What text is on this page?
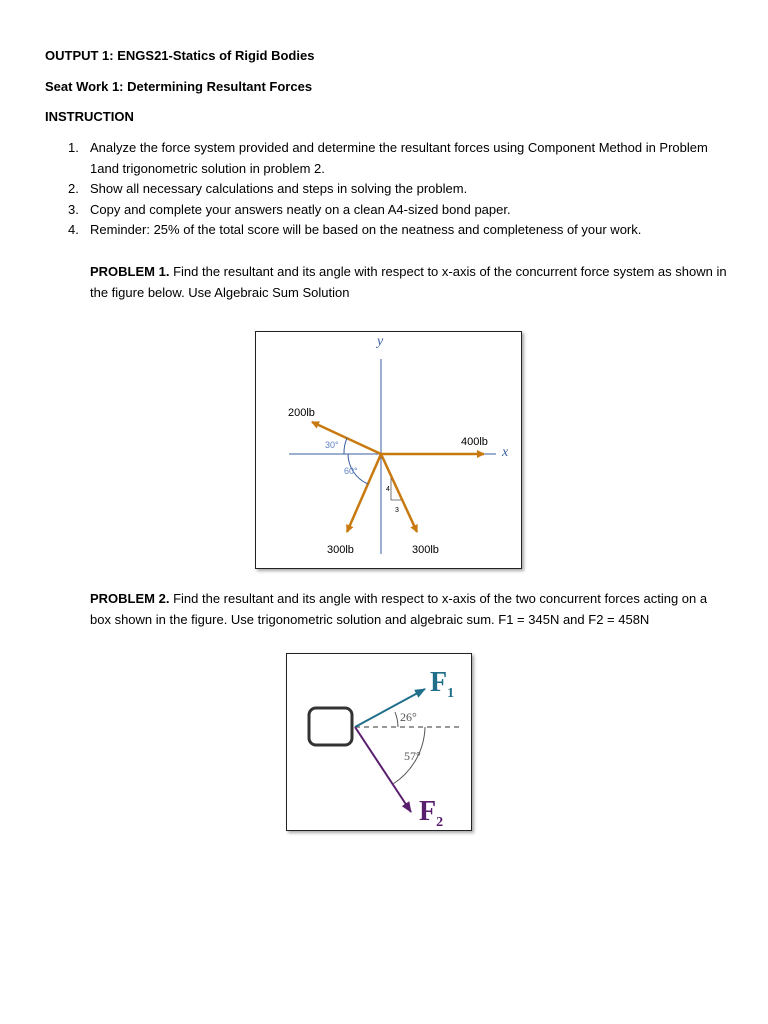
OUTPUT 1: ENGS21-Statics of Rigid Bodies
Seat Work 1: Determining Resultant Forces
INSTRUCTION
1. Analyze the force system provided and determine the resultant forces using Component Method in Problem 1and trigonometric solution in problem 2.
2. Show all necessary calculations and steps in solving the problem.
3. Copy and complete your answers neatly on a clean A4-sized bond paper.
4. Reminder: 25% of the total score will be based on the neatness and completeness of your work.
PROBLEM 1. Find the resultant and its angle with respect to x-axis of the concurrent force system as shown in the figure below. Use Algebraic Sum Solution
y
x
200lb
400lb
300lb	300lb
30°
60°
4
3
PROBLEM 2. Find the resultant and its angle with respect to x-axis of the two concurrent forces acting on a box shown in the figure. Use trigonometric solution and algebraic sum. F1 = 345N and F2 = 458N
26°
57°
$F_1$
$F_2$
